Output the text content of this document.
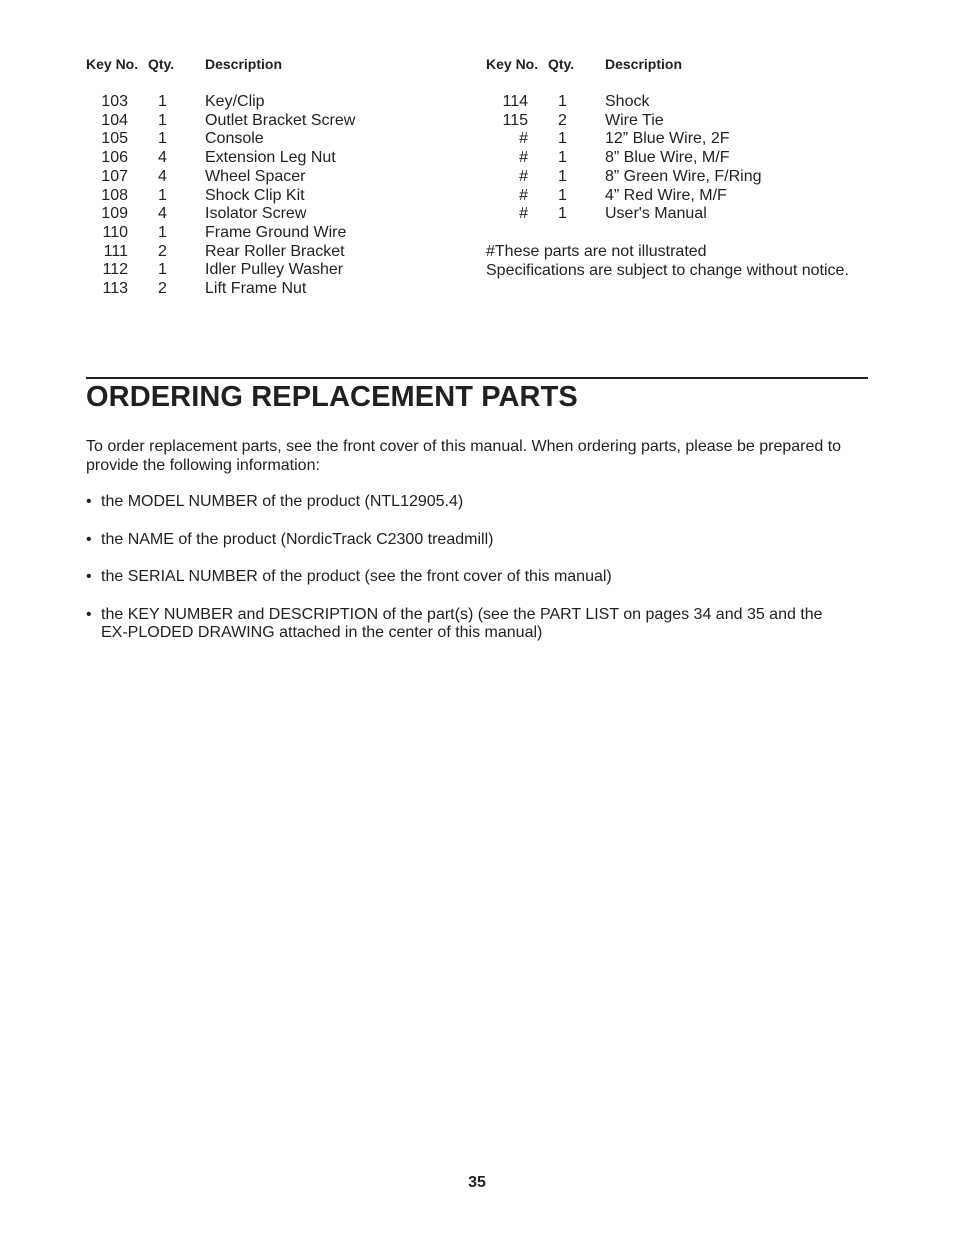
Key No.	Qty.	Description

103	1	Key/Clip
104	1	Outlet Bracket Screw
105	1	Console
106	4	Extension Leg Nut
107	4	Wheel Spacer
108	1	Shock Clip Kit
109	4	Isolator Screw
110	1	Frame Ground Wire
111	2	Rear Roller Bracket
112	1	Idler Pulley Washer
113	2	Lift Frame Nut
Key No.	Qty.	Description

114	1	Shock
115	2	Wire Tie
#	1	12” Blue Wire, 2F
#	1	8” Blue Wire, M/F
#	1	8” Green Wire, F/Ring
#	1	4” Red Wire, M/F
#	1	User's Manual
#These parts are not illustrated
Specifications are subject to change without notice.
ORDERING REPLACEMENT PARTS

To order replacement parts, see the front cover of this manual. When ordering parts, please be prepared to provide the following information:

• the MODEL NUMBER of the product (NTL12905.4)
• the NAME of the product (NordicTrack C2300 treadmill)
• the SERIAL NUMBER of the product (see the front cover of this manual)
• the KEY NUMBER and DESCRIPTION of the part(s) (see the PART LIST on pages 34 and 35 and the EX-PLODED DRAWING attached in the center of this manual)
35
